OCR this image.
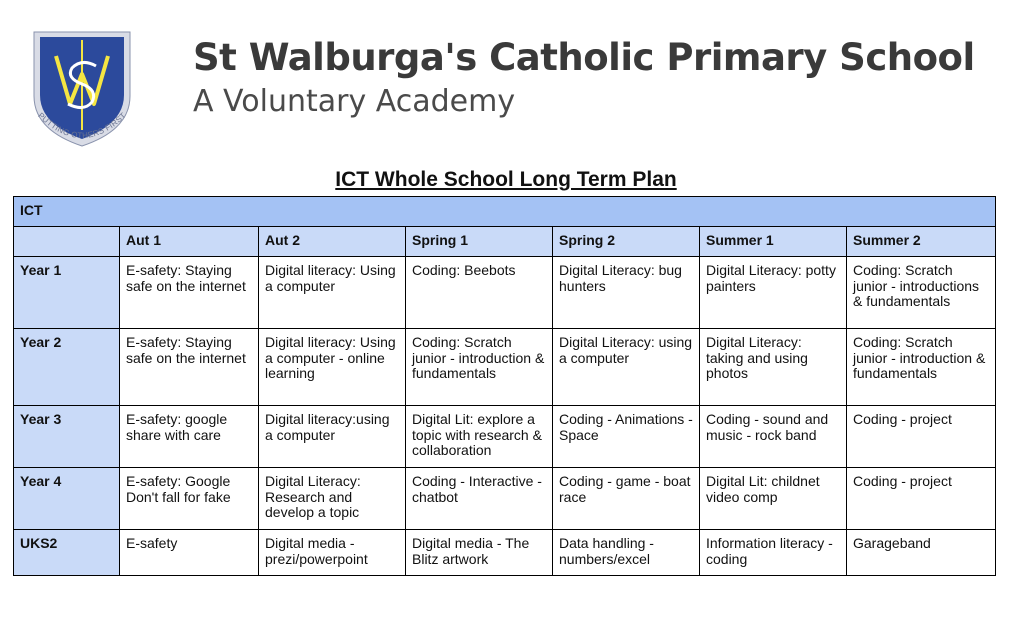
PUTTING OTHERS FIRST
St Walburga's Catholic Primary School
A Voluntary Academy
ICT Whole School Long Term Plan
ICT						
	Aut 1	Aut 2	Spring 1	Spring 2	Summer 1	Summer 2
Year 1	E-safety: Staying safe on the internet	Digital literacy: Using a computer	Coding: Beebots	Digital Literacy: bug hunters	Digital Literacy: potty painters	Coding: Scratch junior - introductions & fundamentals
Year 2	E-safety: Staying safe on the internet	Digital literacy: Using a computer - online learning	Coding: Scratch junior - introduction & fundamentals	Digital Literacy: using a computer	Digital Literacy: taking and using photos	Coding: Scratch junior - introduction & fundamentals
Year 3	E-safety: google share with care	Digital literacy:using a computer	Digital Lit: explore a topic with research & collaboration	Coding - Animations - Space	Coding - sound and music - rock band	Coding - project
Year 4	E-safety: Google Don't fall for fake	Digital Literacy: Research and develop a topic	Coding - Interactive - chatbot	Coding - game - boat race	Digital Lit: childnet video comp	Coding - project
UKS2	E-safety	Digital media - prezi/powerpoint	Digital media - The Blitz artwork	Data handling - numbers/excel	Information literacy - coding	Garageband
